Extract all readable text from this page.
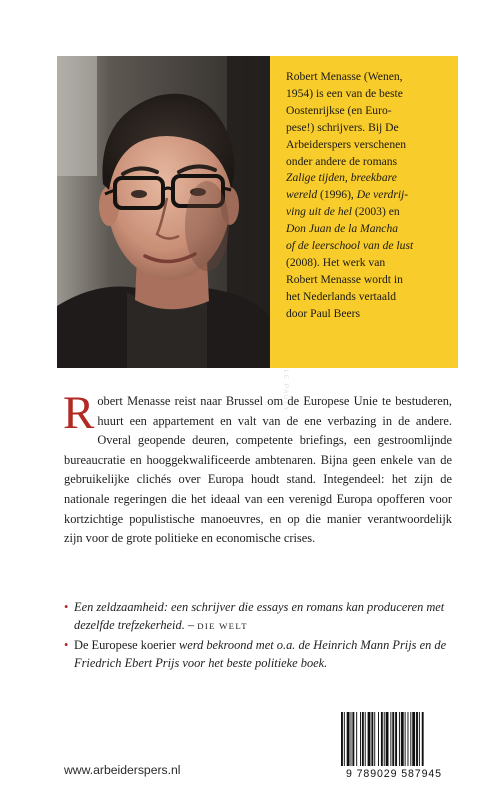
Robert Menasse (Wenen,

1954) is een van de beste

Oostenrijkse (en Euro-

pese!) schrijvers. Bij De

Arbeiderspers verschenen

onder andere de romans

Zalige tijden, breekbare

wereld (1996), De verdrij-

ving uit de hel (2003) en

Don Juan de la Mancha

of de leerschool van de lust

(2008). Het werk van

Robert Menasse wordt in

het Nederlands vertaald

door Paul Beers

Robert Menasse reist naar Brussel om de Europese Unie te bestuderen, huurt een appartement en valt van de ene verbazing in de andere. Overal geopende deuren, competente briefings, een gestroomlijnde bureaucratie en hooggekwalificeerde ambtenaren. Bijna geen enkele van de gebruikelijke clichés over Europa houdt stand. Integendeel: het zijn de nationale regeringen die het ideaal van een verenigd Europa opofferen voor kortzichtige populistische manoeuvres, en op die manier verantwoordelijk zijn voor de grote politieke en economische crises.

• Een zeldzaamheid: een schrijver die essays en romans kan produceren met dezelfde trefzekerheid. – DIE WELT

• De Europese koerier werd bekroond met o.a. de Heinrich Mann Prijs en de Friedrich Ebert Prijs voor het beste politieke boek.

www.arbeiderspers.nl	9 789029 587945
